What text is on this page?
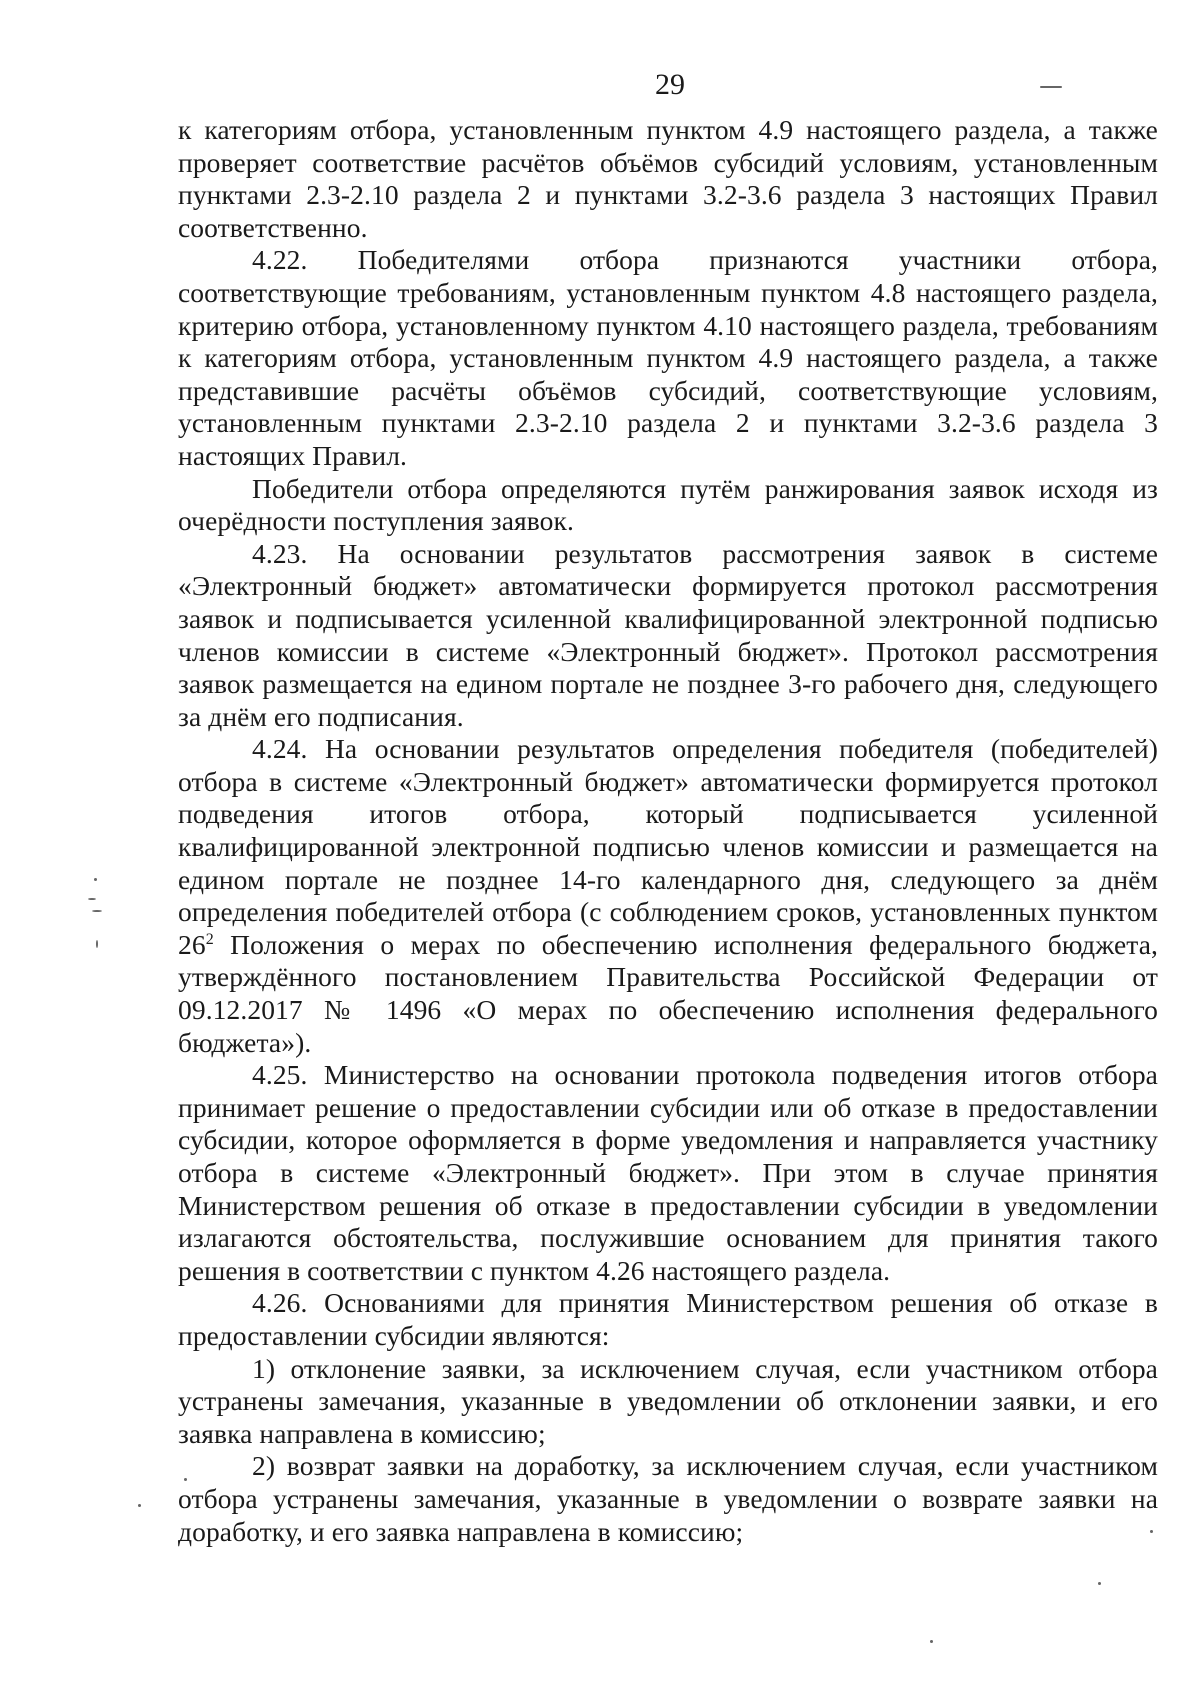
29

к категориям отбора, установленным пунктом 4.9 настоящего раздела, а также проверяет соответствие расчётов объёмов субсидий условиям, установленным пунктами 2.3-2.10 раздела 2 и пунктами 3.2-3.6 раздела 3 настоящих Правил соответственно.

4.22. Победителями отбора признаются участники отбора, соответствующие требованиям, установленным пунктом 4.8 настоящего раздела, критерию отбора, установленному пунктом 4.10 настоящего раздела, требованиям к категориям отбора, установленным пунктом 4.9 настоящего раздела, а также представившие расчёты объёмов субсидий, соответствующие условиям, установленным пунктами 2.3-2.10 раздела 2 и пунктами 3.2-3.6 раздела 3 настоящих Правил.

Победители отбора определяются путём ранжирования заявок исходя из очерёдности поступления заявок.

4.23. На основании результатов рассмотрения заявок в системе «Электронный бюджет» автоматически формируется протокол рассмотрения заявок и подписывается усиленной квалифицированной электронной подписью членов комиссии в системе «Электронный бюджет». Протокол рассмотрения заявок размещается на едином портале не позднее 3-го рабочего дня, следующего за днём его подписания.

4.24. На основании результатов определения победителя (победителей) отбора в системе «Электронный бюджет» автоматически формируется протокол подведения итогов отбора, который подписывается усиленной квалифицированной электронной подписью членов комиссии и размещается на едином портале не позднее 14-го календарного дня, следующего за днём определения победителей отбора (с соблюдением сроков, установленных пунктом $26^2$ Положения о мерах по обеспечению исполнения федерального бюджета, утверждённого постановлением Правительства Российской Федерации от 09.12.2017 № 1496 «О мерах по обеспечению исполнения федерального бюджета»).

4.25. Министерство на основании протокола подведения итогов отбора принимает решение о предоставлении субсидии или об отказе в предоставлении субсидии, которое оформляется в форме уведомления и направляется участнику отбора в системе «Электронный бюджет». При этом в случае принятия Министерством решения об отказе в предоставлении субсидии в уведомлении излагаются обстоятельства, послужившие основанием для принятия такого решения в соответствии с пунктом 4.26 настоящего раздела.

4.26. Основаниями для принятия Министерством решения об отказе в предоставлении субсидии являются:

1) отклонение заявки, за исключением случая, если участником отбора устранены замечания, указанные в уведомлении об отклонении заявки, и его заявка направлена в комиссию;

2) возврат заявки на доработку, за исключением случая, если участником отбора устранены замечания, указанные в уведомлении о возврате заявки на доработку, и его заявка направлена в комиссию;
